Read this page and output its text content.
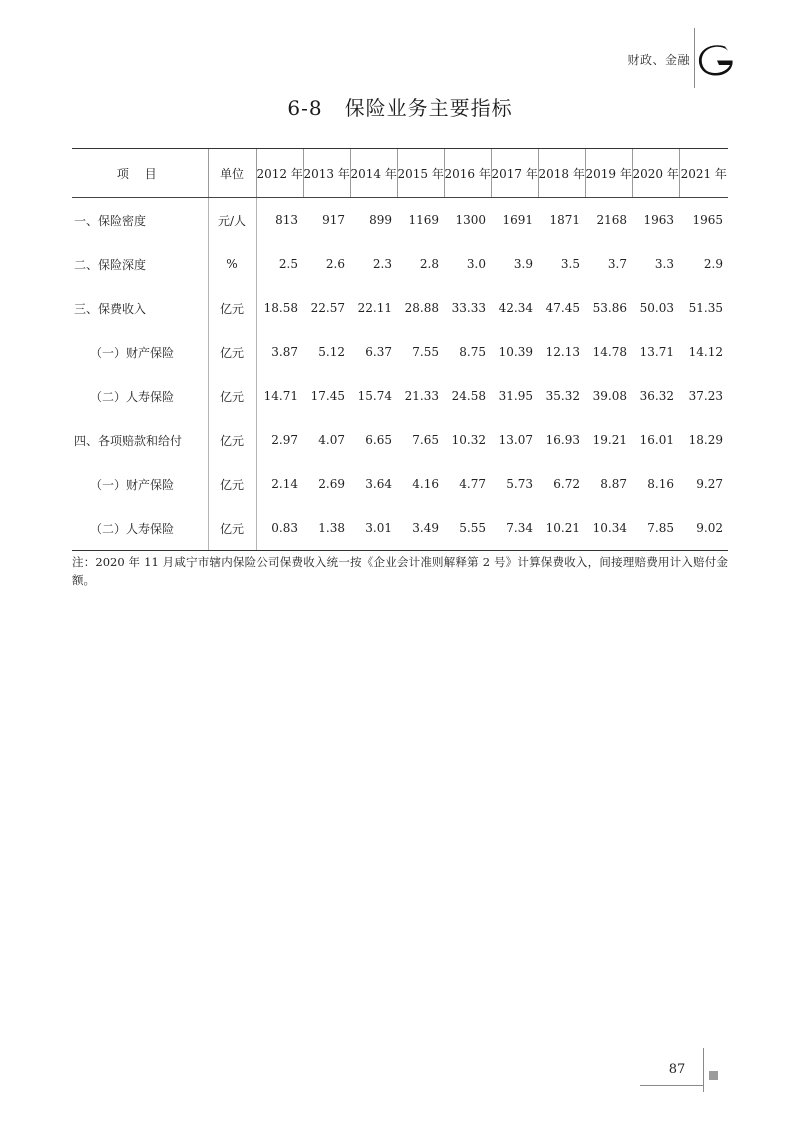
财政、金融
6-8 保险业务主要指标
项 目	单位	2012 年	2013 年	2014 年	2015 年	2016 年	2017 年	2018 年	2019 年	2020 年	2021 年
一、保险密度	元/人	813	917	899	1169	1300	1691	1871	2168	1963	1965
二、保险深度	%	2.5	2.6	2.3	2.8	3.0	3.9	3.5	3.7	3.3	2.9
三、保费收入	亿元	18.58	22.57	22.11	28.88	33.33	42.34	47.45	53.86	50.03	51.35
（一）财产保险	亿元	3.87	5.12	6.37	7.55	8.75	10.39	12.13	14.78	13.71	14.12
（二）人寿保险	亿元	14.71	17.45	15.74	21.33	24.58	31.95	35.32	39.08	36.32	37.23
四、各项赔款和给付	亿元	2.97	4.07	6.65	7.65	10.32	13.07	16.93	19.21	16.01	18.29
（一）财产保险	亿元	2.14	2.69	3.64	4.16	4.77	5.73	6.72	8.87	8.16	9.27
（二）人寿保险	亿元	0.83	1.38	3.01	3.49	5.55	7.34	10.21	10.34	7.85	9.02
注：2020 年 11 月咸宁市辖内保险公司保费收入统一按《企业会计准则解释第 2 号》计算保费收入，间接理赔费用计入赔付金额。
87
